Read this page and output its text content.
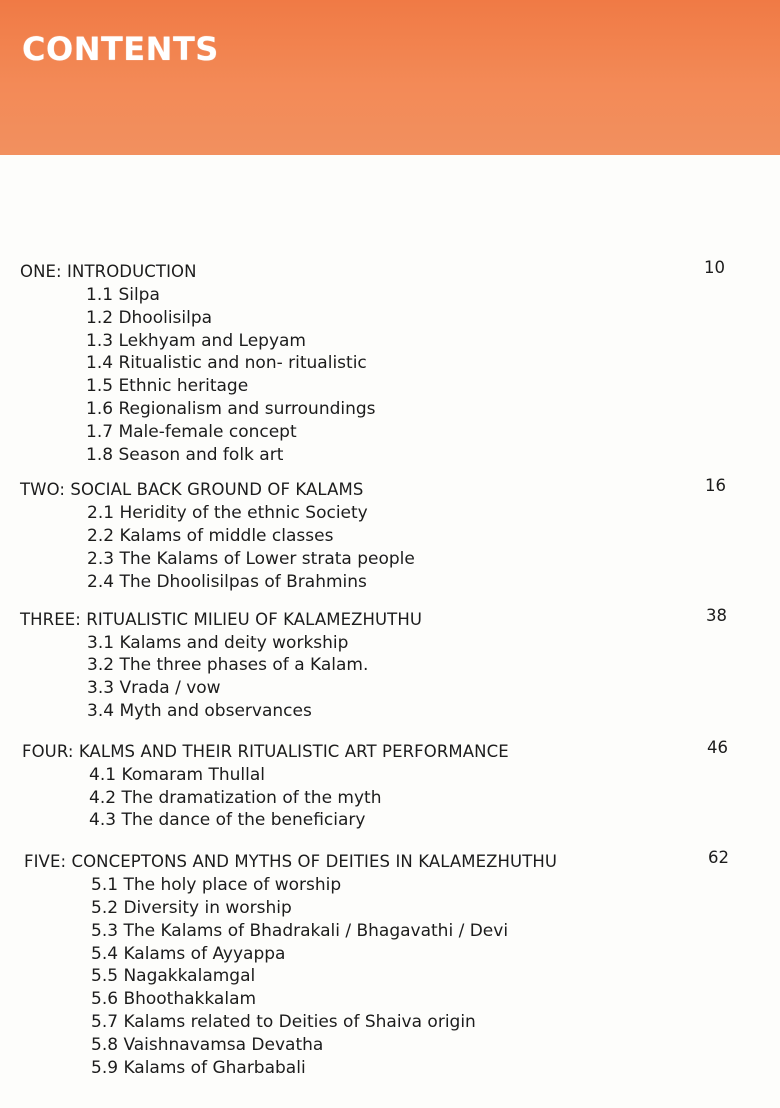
CONTENTS
ONE: INTRODUCTION	10
1.1 Silpa
1.2 Dhoolisilpa
1.3 Lekhyam and Lepyam
1.4 Ritualistic and non- ritualistic
1.5 Ethnic heritage
1.6 Regionalism and surroundings
1.7 Male-female concept
1.8 Season and folk art
TWO: SOCIAL BACK GROUND OF KALAMS	16
2.1 Heridity of the ethnic Society
2.2 Kalams of middle classes
2.3 The Kalams of Lower strata people
2.4 The Dhoolisilpas of Brahmins
THREE: RITUALISTIC MILIEU OF KALAMEZHUTHU	38
3.1 Kalams and deity workship
3.2 The three phases of a Kalam.
3.3 Vrada / vow
3.4 Myth and observances
FOUR: KALMS AND THEIR RITUALISTIC ART PERFORMANCE	46
4.1 Komaram Thullal
4.2 The dramatization of the myth
4.3 The dance of the beneficiary
FIVE: CONCEPTONS AND MYTHS OF DEITIES IN KALAMEZHUTHU	62
5.1 The holy place of worship
5.2 Diversity in worship
5.3 The Kalams of Bhadrakali / Bhagavathi / Devi
5.4 Kalams of Ayyappa
5.5 Nagakkalamgal
5.6 Bhoothakkalam
5.7 Kalams related to Deities of Shaiva origin
5.8 Vaishnavamsa Devatha
5.9 Kalams of Gharbabali
